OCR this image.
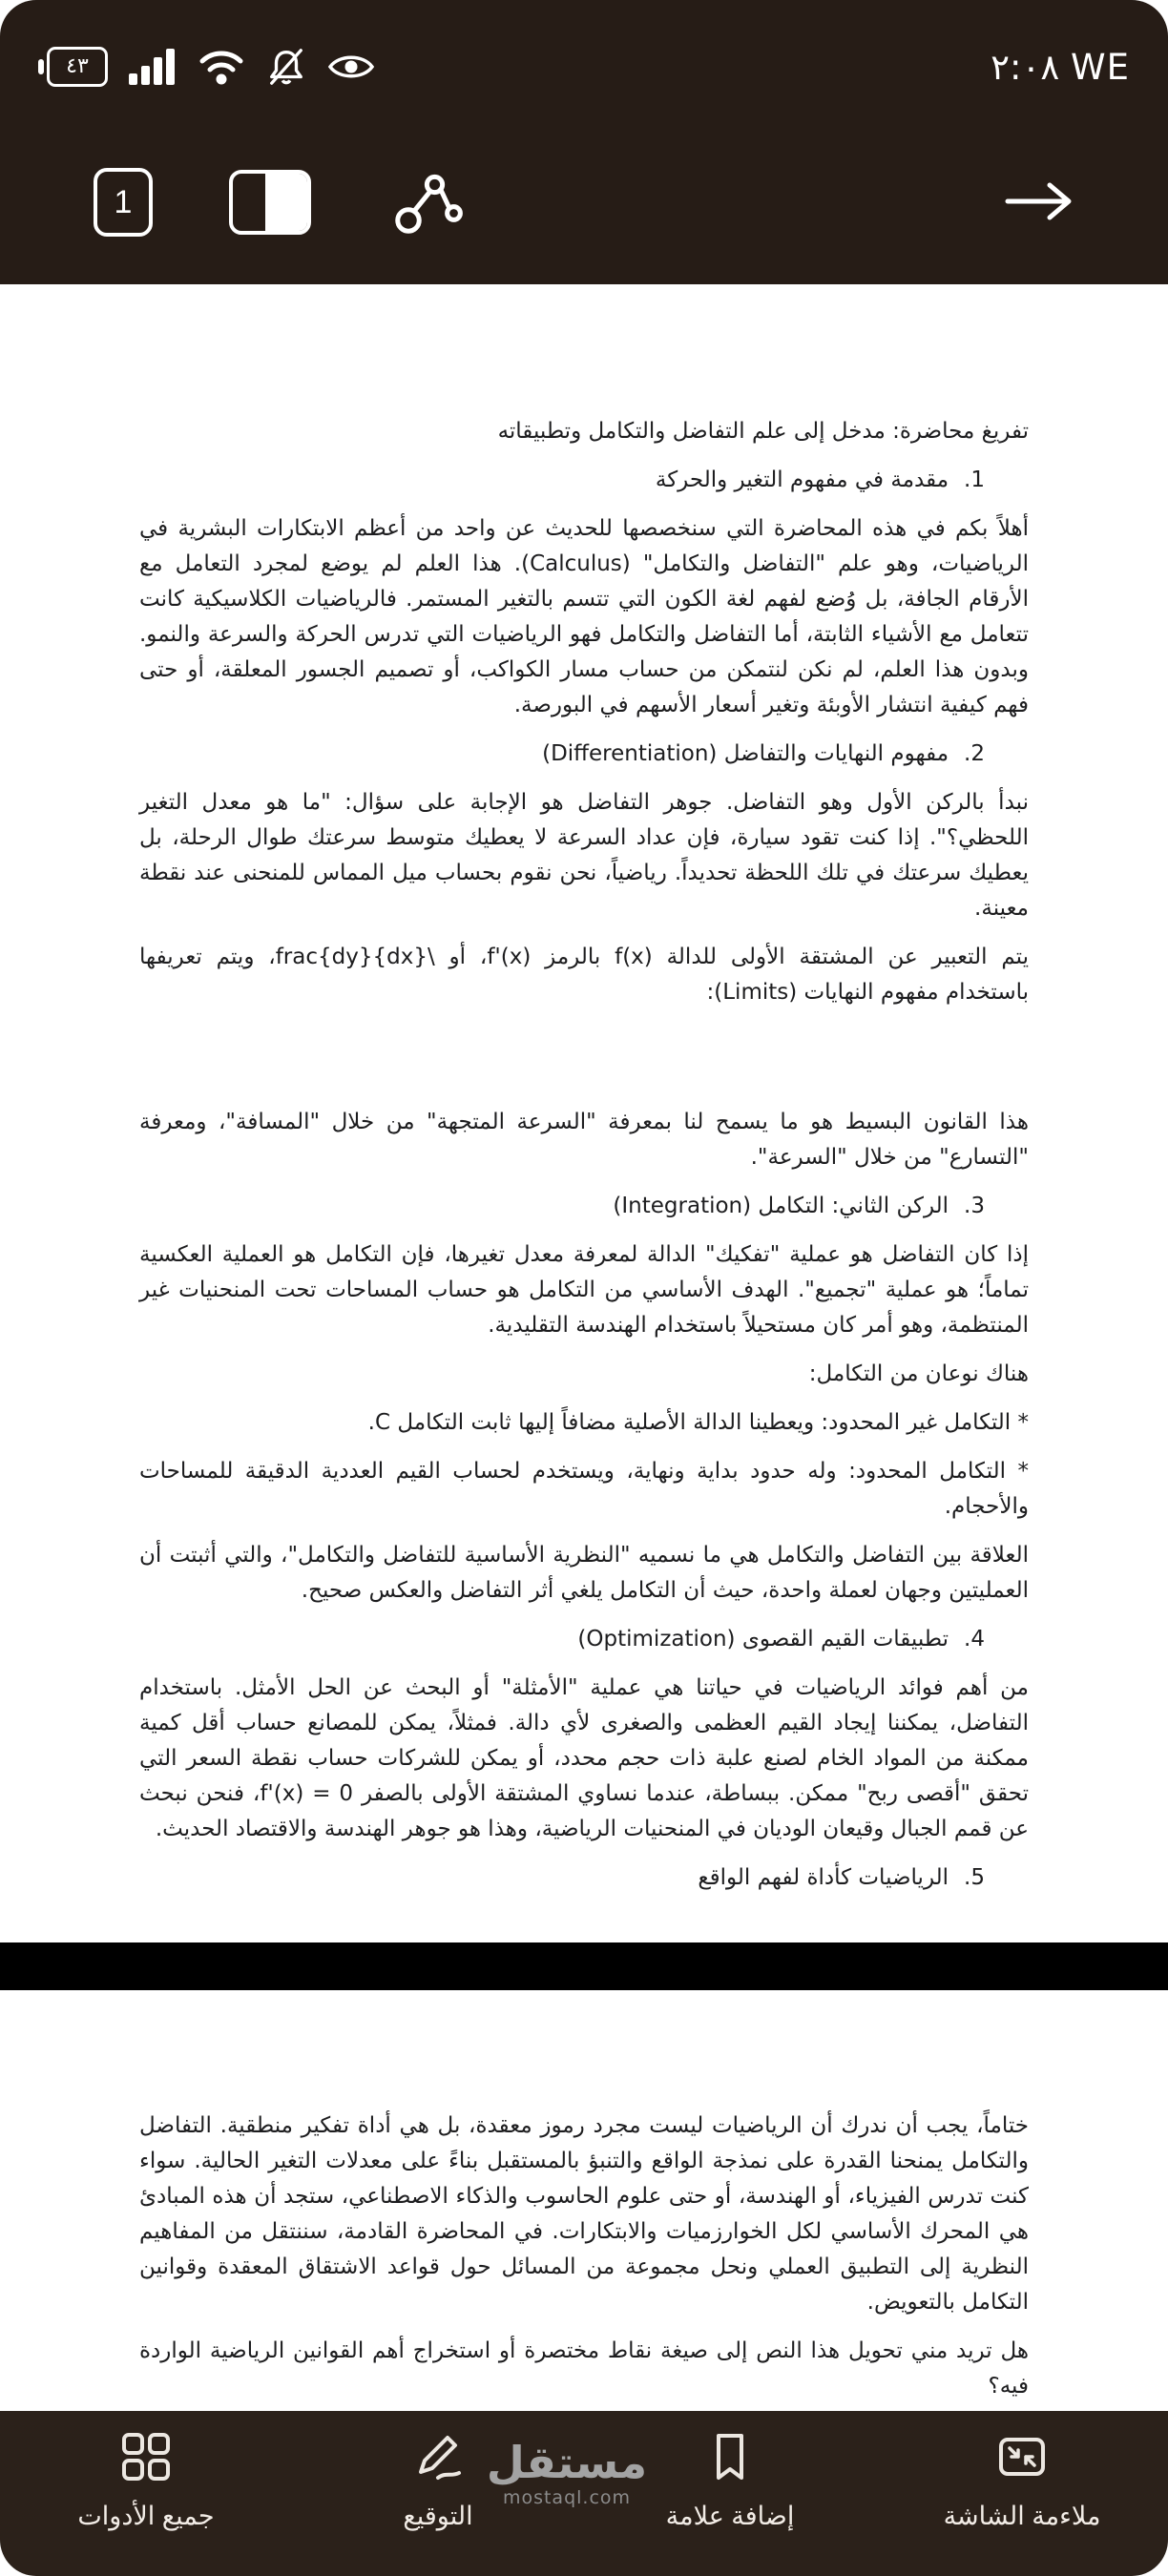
٤٣	٢:٠٨ WE
1
تفريغ محاضرة: مدخل إلى علم التفاضل والتكامل وتطبيقاته
1.
مقدمة في مفهوم التغير والحركة
أهلاً بكم في هذه المحاضرة التي سنخصصها للحديث عن واحد من أعظم الابتكارات البشرية في الرياضيات، وهو علم "التفاضل والتكامل" (Calculus). هذا العلم لم يوضع لمجرد التعامل مع الأرقام الجافة، بل وُضع لفهم لغة الكون التي تتسم بالتغير المستمر. فالرياضيات الكلاسيكية كانت تتعامل مع الأشياء الثابتة، أما التفاضل والتكامل فهو الرياضيات التي تدرس الحركة والسرعة والنمو. وبدون هذا العلم، لم نكن لنتمكن من حساب مسار الكواكب، أو تصميم الجسور المعلقة، أو حتى فهم كيفية انتشار الأوبئة وتغير أسعار الأسهم في البورصة.
2.
مفهوم النهايات والتفاضل (Differentiation)
نبدأ بالركن الأول وهو التفاضل. جوهر التفاضل هو الإجابة على سؤال: "ما هو معدل التغير اللحظي؟". إذا كنت تقود سيارة، فإن عداد السرعة لا يعطيك متوسط سرعتك طوال الرحلة، بل يعطيك سرعتك في تلك اللحظة تحديداً. رياضياً، نحن نقوم بحساب ميل المماس للمنحنى عند نقطة معينة.
يتم التعبير عن المشتقة الأولى للدالة f(x) بالرمز f'(x)، أو \frac{dy}{dx}، ويتم تعريفها باستخدام مفهوم النهايات (Limits):
هذا القانون البسيط هو ما يسمح لنا بمعرفة "السرعة المتجهة" من خلال "المسافة"، ومعرفة "التسارع" من خلال "السرعة".
3.
الركن الثاني: التكامل (Integration)
إذا كان التفاضل هو عملية "تفكيك" الدالة لمعرفة معدل تغيرها، فإن التكامل هو العملية العكسية تماماً؛ هو عملية "تجميع". الهدف الأساسي من التكامل هو حساب المساحات تحت المنحنيات غير المنتظمة، وهو أمر كان مستحيلاً باستخدام الهندسة التقليدية.
هناك نوعان من التكامل:
* التكامل غير المحدود: ويعطينا الدالة الأصلية مضافاً إليها ثابت التكامل C.
* التكامل المحدود: وله حدود بداية ونهاية، ويستخدم لحساب القيم العددية الدقيقة للمساحات والأحجام.
العلاقة بين التفاضل والتكامل هي ما نسميه "النظرية الأساسية للتفاضل والتكامل"، والتي أثبتت أن العمليتين وجهان لعملة واحدة، حيث أن التكامل يلغي أثر التفاضل والعكس صحيح.
4.
تطبيقات القيم القصوى (Optimization)
من أهم فوائد الرياضيات في حياتنا هي عملية "الأمثلة" أو البحث عن الحل الأمثل. باستخدام التفاضل، يمكننا إيجاد القيم العظمى والصغرى لأي دالة. فمثلاً، يمكن للمصانع حساب أقل كمية ممكنة من المواد الخام لصنع علبة ذات حجم محدد، أو يمكن للشركات حساب نقطة السعر التي تحقق "أقصى ربح" ممكن. ببساطة، عندما نساوي المشتقة الأولى بالصفر f'(x) = 0، فنحن نبحث عن قمم الجبال وقيعان الوديان في المنحنيات الرياضية، وهذا هو جوهر الهندسة والاقتصاد الحديث.
5.
الرياضيات كأداة لفهم الواقع
ختاماً، يجب أن ندرك أن الرياضيات ليست مجرد رموز معقدة، بل هي أداة تفكير منطقية. التفاضل والتكامل يمنحنا القدرة على نمذجة الواقع والتنبؤ بالمستقبل بناءً على معدلات التغير الحالية. سواء كنت تدرس الفيزياء، أو الهندسة، أو حتى علوم الحاسوب والذكاء الاصطناعي، ستجد أن هذه المبادئ هي المحرك الأساسي لكل الخوارزميات والابتكارات. في المحاضرة القادمة، سننتقل من المفاهيم النظرية إلى التطبيق العملي ونحل مجموعة من المسائل حول قواعد الاشتقاق المعقدة وقوانين التكامل بالتعويض.
هل تريد مني تحويل هذا النص إلى صيغة نقاط مختصرة أو استخراج أهم القوانين الرياضية الواردة فيه؟
جميع الأدوات	التوقيع	إضافة علامة	ملاءمة الشاشة
مستقل
mostaql.com
